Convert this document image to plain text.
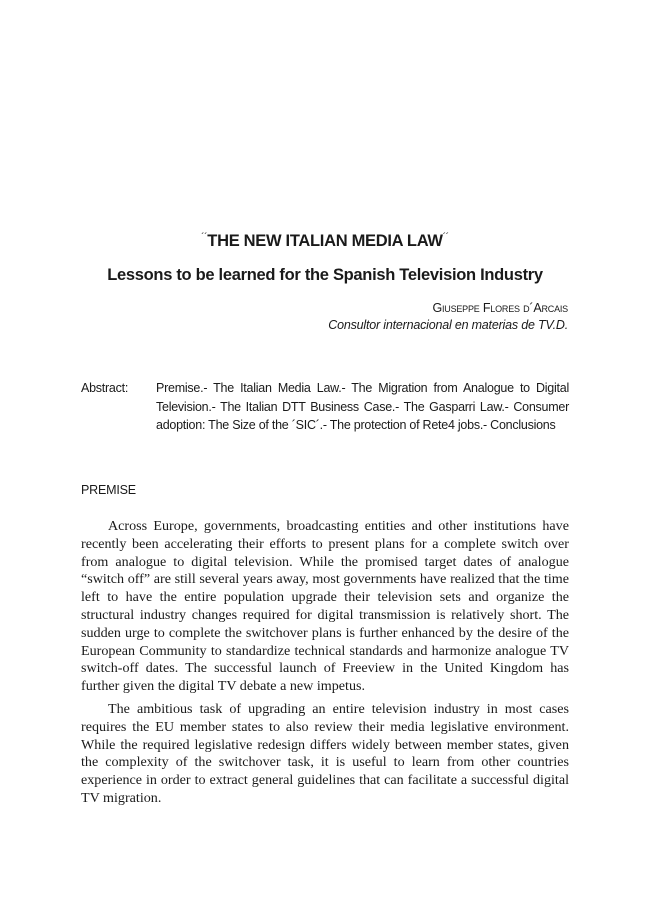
´´THE NEW ITALIAN MEDIA LAW´´
Lessons to be learned for the Spanish Television Industry

Giuseppe Flores d´Arcais

Consultor internacional en materias de TV.D.

Abstract: Premise.- The Italian Media Law.- The Migration from Analogue to Digital Television.- The Italian DTT Business Case.- The Gasparri Law.- Consumer adoption: The Size of the ´SIC´.- The protection of Rete4 jobs.- Conclusions

PREMISE

Across Europe, governments, broadcasting entities and other institutions have recently been accelerating their efforts to present plans for a complete switch over from analogue to digital television. While the promised target dates of analogue “switch off” are still several years away, most governments have realized that the time left to have the entire population upgrade their television sets and organize the structural industry changes required for digital transmission is relatively short. The sudden urge to complete the switchover plans is further enhanced by the desire of the European Community to standardize technical standards and harmonize analogue TV switch-off dates. The successful launch of Freeview in the United Kingdom has further given the digital TV debate a new impetus.

The ambitious task of upgrading an entire television industry in most cases requires the EU member states to also review their media legislative environment. While the required legislative redesign differs widely between member states, given the complexity of the switchover task, it is useful to learn from other countries experience in order to extract general guidelines that can facilitate a successful digital TV migration.
